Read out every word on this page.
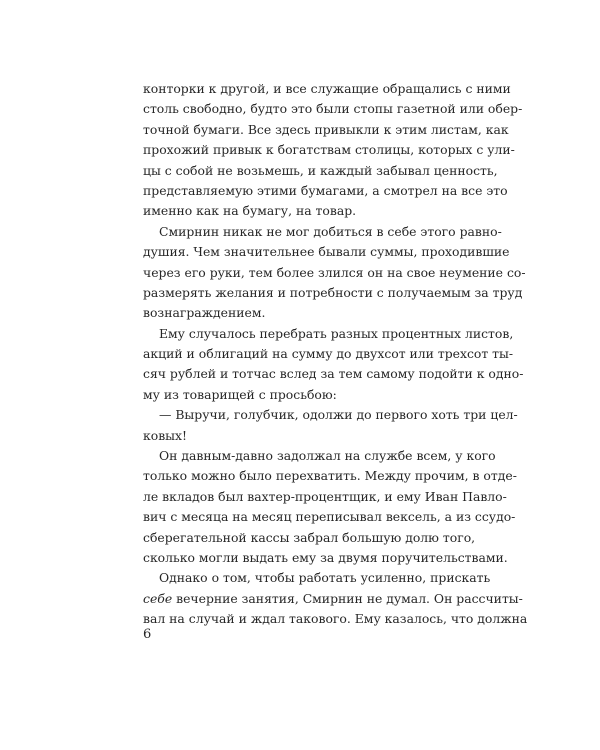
конторки к другой, и все служащие обращались с ними
столь свободно, будто это были стопы газетной или обер-
точной бумаги. Все здесь привыкли к этим листам, как
прохожий привык к богатствам столицы, которых с ули-
цы с собой не возьмешь, и каждый забывал ценность,
представляемую этими бумагами, а смотрел на все это
именно как на бумагу, на товар.
Смирнин никак не мог добиться в себе этого равно-
душия. Чем значительнее бывали суммы, проходившие
через его руки, тем более злился он на свое неумение со-
размерять желания и потребности с получаемым за труд
вознаграждением.
Ему случалось перебрать разных процентных листов,
акций и облигаций на сумму до двухсот или трехсот ты-
сяч рублей и тотчас вслед за тем самому подойти к одно-
му из товарищей с просьбою:
— Выручи, голубчик, одолжи до первого хоть три цел-
ковых!
Он давным-давно задолжал на службе всем, у кого
только можно было перехватить. Между прочим, в отде-
ле вкладов был вахтер-процентщик, и ему Иван Павло-
вич с месяца на месяц переписывал вексель, а из ссудо-
сберегательной кассы забрал большую долю того,
сколько могли выдать ему за двумя поручительствами.
Однако о том, чтобы работать усиленно, прискать
себе вечерние занятия, Смирнин не думал. Он рассчиты-
вал на случай и ждал такового. Ему казалось, что должна
6
